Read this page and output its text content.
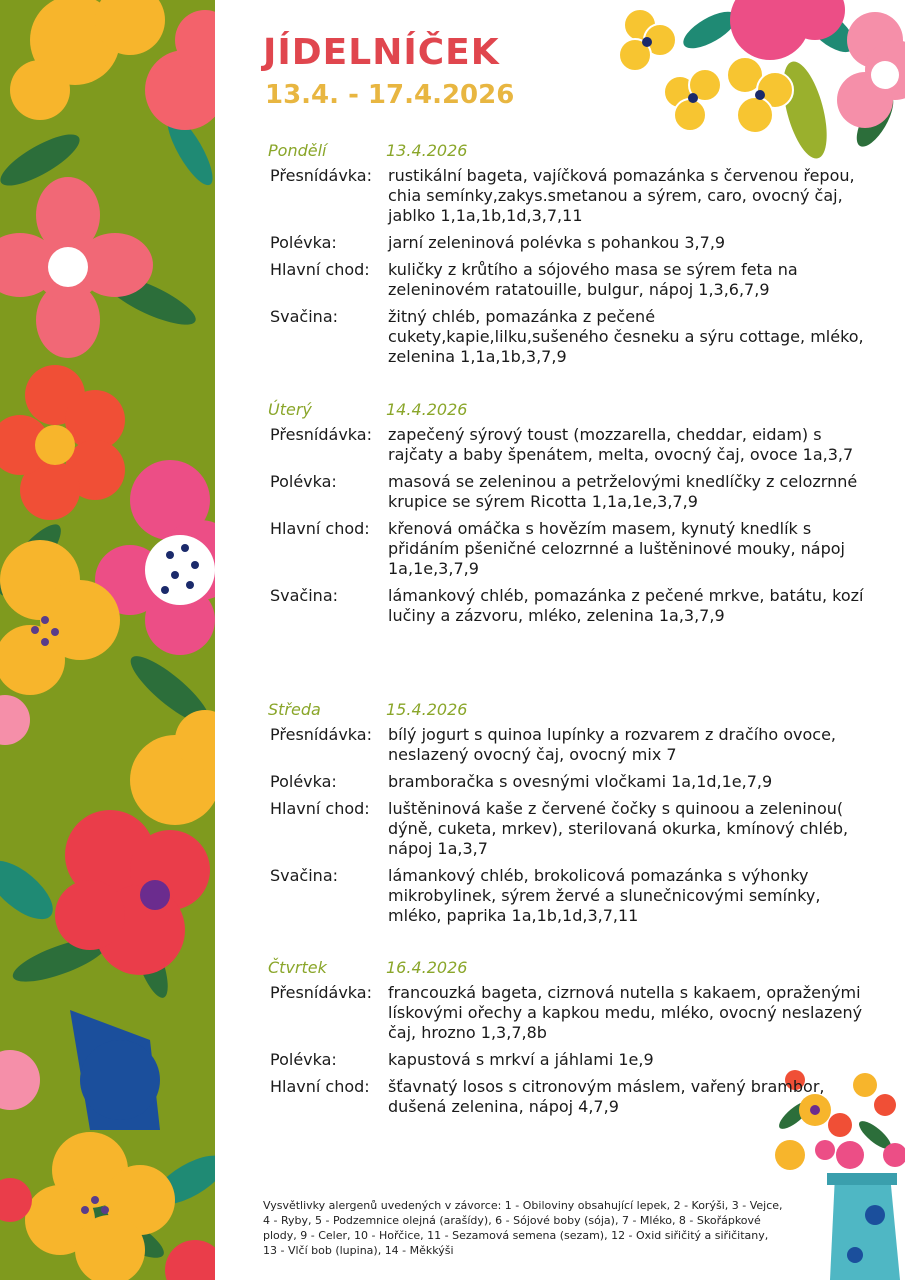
JÍDELNÍČEK
13.4. - 17.4.2026
Pondělí	13.4.2026
Přesnídávka:	rustikální bageta, vajíčková pomazánka s červenou řepou, chia semínky,zakys.smetanou a sýrem, caro, ovocný čaj, jablko 1,1a,1b,1d,3,7,11
Polévka:	jarní zeleninová polévka s pohankou 3,7,9
Hlavní chod:	kuličky z krůtího a sójového masa se sýrem feta na zeleninovém ratatouille, bulgur, nápoj 1,3,6,7,9
Svačina:	žitný chléb, pomazánka z pečené cukety,kapie,lilku,sušeného česneku a sýru cottage, mléko, zelenina 1,1a,1b,3,7,9
Úterý	14.4.2026
Přesnídávka:	zapečený sýrový toust (mozzarella, cheddar, eidam) s rajčaty a baby špenátem, melta, ovocný čaj, ovoce 1a,3,7
Polévka:	masová se zeleninou a petrželovými knedlíčky z celozrnné krupice se sýrem Ricotta 1,1a,1e,3,7,9
Hlavní chod:	křenová omáčka s hovězím masem, kynutý knedlík s přidáním pšeničné celozrnné a luštěninové mouky, nápoj 1a,1e,3,7,9
Svačina:	lámankový chléb, pomazánka z pečené mrkve, batátu, kozí lučiny a zázvoru, mléko, zelenina 1a,3,7,9
Středa	15.4.2026
Přesnídávka:	bílý jogurt s quinoa lupínky a rozvarem z dračího ovoce, neslazený ovocný čaj, ovocný mix 7
Polévka:	bramboračka s ovesnými vločkami 1a,1d,1e,7,9
Hlavní chod:	luštěninová kaše z červené čočky s quinoou a zeleninou( dýně, cuketa, mrkev), sterilovaná okurka, kmínový chléb, nápoj 1a,3,7
Svačina:	lámankový chléb, brokolicová pomazánka s výhonky mikrobylinek, sýrem žervé a slunečnicovými semínky, mléko, paprika 1a,1b,1d,3,7,11
Čtvrtek	16.4.2026
Přesnídávka:	francouzká bageta, cizrnová nutella s kakaem, opraženými lískovými ořechy a kapkou medu, mléko, ovocný neslazený čaj, hrozno 1,3,7,8b
Polévka:	kapustová s mrkví a jáhlami 1e,9
Hlavní chod:	šťavnatý losos s citronovým máslem, vařený brambor, dušená zelenina, nápoj 4,7,9
Vysvětlivky alergenů uvedených v závorce: 1 - Obiloviny obsahující lepek, 2 - Korýši, 3 - Vejce, 4 - Ryby, 5 - Podzemnice olejná (arašídy), 6 - Sójové boby (sója), 7 - Mléko, 8 - Skořápkové plody, 9 - Celer, 10 - Hořčice, 11 - Sezamová semena (sezam), 12 - Oxid siřičitý a siřičitany, 13 - Vlčí bob (lupina), 14 - Měkkýši
